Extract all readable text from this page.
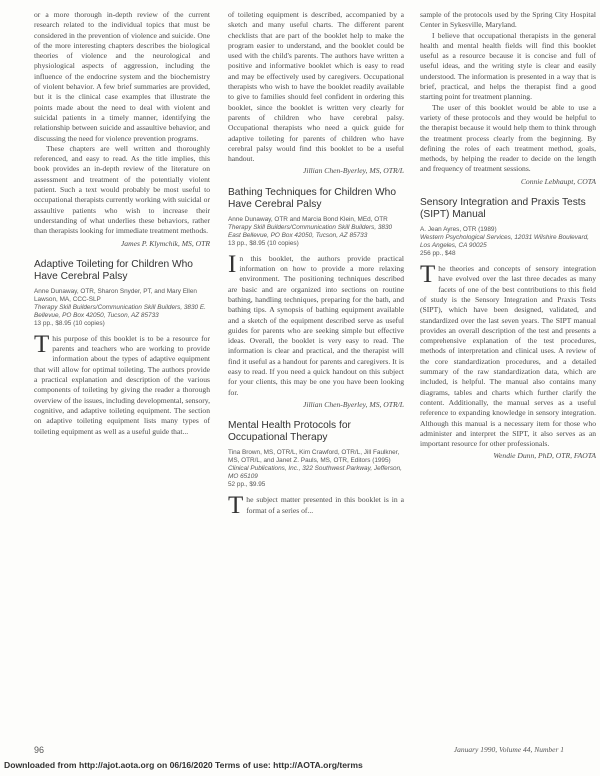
or a more thorough in-depth review of the current research related to the individual topics that must be considered in the prevention of violence and suicide. One of the more interesting chapters describes the biological theories of violence and the neurological and physiological aspects of aggression, including the influence of the endocrine system and the biochemistry of violent behavior. A few brief summaries are provided, but it is the clinical case examples that illustrate the points made about the need to deal with violent and suicidal patients in a timely manner, identifying the relationship between suicide and assaultive behavior, and discussing the need for violence prevention programs.

These chapters are well written and thoroughly referenced, and easy to read. As the title implies, this book provides an in-depth review of the literature on assessment and treatment of the potentially violent patient. Such a text would probably be most useful to occupational therapists currently working with suicidal or assaultive patients who wish to increase their understanding of what underlies these behaviors, rather than therapists looking for immediate treatment methods.

James P. Klymchik, MS, OTR

Adaptive Toileting for Children Who Have Cerebral Palsy
Anne Dunaway, OTR, Sharon Snyder, PT, and Mary Ellen Lawson, MA, CCC-SLP
Therapy Skill Builders/Communication Skill Builders, 3830 E. Bellevue, PO Box 42050, Tucson, AZ 85733
13 pp., $8.95 (10 copies)

This purpose of this booklet is to be a resource for parents and teachers who are working to provide information about the types of adaptive equipment that will allow for optimal toileting. The authors provide a practical explanation and description of the various components of toileting by giving the reader a thorough overview of the issues, including developmental, sensory, cognitive, and adaptive toileting equipment. The section on adaptive toileting equipment lists many types of toileting equipment as well as a useful guide that...

of toileting equipment is described, accompanied by a sketch and many useful charts. The different parent checklists that are part of the booklet help to make the program easier to understand, and the booklet could be used with the child's parents. The authors have written a positive and informative booklet which is easy to read and may be effectively used by caregivers. Occupational therapists who wish to have the booklet readily available to give to families should feel confident in ordering this booklet, since the booklet is written very clearly for parents of children who have cerebral palsy. Occupational therapists who need a quick guide for adaptive toileting for parents of children who have cerebral palsy would find this booklet to be a useful handout.

Jillian Chen-Byerley, MS, OTR/L

Bathing Techniques for Children Who Have Cerebral Palsy
Anne Dunaway, OTR and Marcia Bond Klein, MEd, OTR
Therapy Skill Builders/Communication Skill Builders, 3830 East Bellevue, PO Box 42050, Tucson, AZ 85733
13 pp., $8.95 (10 copies)

In this booklet, the authors provide practical information on how to provide a more relaxing environment. The positioning techniques described are basic and are organized into sections on routine bathing, handling techniques, preparing for the bath, and bathing tips. A synopsis of bathing equipment available and a sketch of the equipment described serve as useful guides for parents who are seeking simple but effective ideas. Overall, the booklet is very easy to read. The information is clear and practical, and the therapist will find it useful as a handout for parents and caregivers. It is easy to read. If you need a quick handout on this subject for your clients, this may be one you have been looking for.

Jillian Chen-Byerley, MS, OTR/L

Mental Health Protocols for Occupational Therapy
Tina Brown, MS, OTR/L, Kim Crawford, OTR/L, Jill Faulkner, MS, OTR/L, and Janet Z. Pauls, MS, OTR, Editors (1995)
Clinical Publications, Inc., 322 Southwest Parkway, Jefferson, MO 65109
52 pp., $9.95

The subject matter presented in this booklet is in a format of a series of...

sample of the protocols used by the Spring City Hospital Center in Sykesville, Maryland.

I believe that occupational therapists in the general health and mental health fields will find this booklet useful as a resource because it is concise and full of useful ideas, and the writing style is clear and easily understood. The information is presented in a way that is brief, practical, and helps the therapist find a good starting point for treatment planning.

The user of this booklet would be able to use a variety of these protocols and they would be helpful to the therapist because it would help them to think through the treatment process clearly from the beginning. By defining the roles of each treatment method, goals, methods, by helping the reader to decide on the length and frequency of treatment sessions.

Connie Lebhaupt, COTA

Sensory Integration and Praxis Tests (SIPT) Manual
A. Jean Ayres, OTR (1989)
Western Psychological Services, 12031 Wilshire Boulevard, Los Angeles, CA 90025
256 pp., $48

The theories and concepts of sensory integration have evolved over the last three decades as many facets of one of the best contributions to this field of study is the Sensory Integration and Praxis Tests (SIPT), which have been designed, validated, and standardized over the last seven years. The SIPT manual provides an overall description of the test and presents a comprehensive explanation of the test procedures, methods of interpretation and clinical uses. A review of the core standardization procedures, and a detailed summary of the raw standardization data, which are included, is helpful. The manual also contains many diagrams, tables and charts which further clarify the content. Additionally, the manual serves as a useful reference to expanding knowledge in sensory integration. Although this manual is a necessary item for those who administer and interpret the SIPT, it also serves as an important resource for other professionals.

Wendie Dunn, PhD, OTR, FAOTA

96	January 1990, Volume 44, Number 1
Downloaded from http://ajot.aota.org on 06/16/2020 Terms of use: http://AOTA.org/terms
